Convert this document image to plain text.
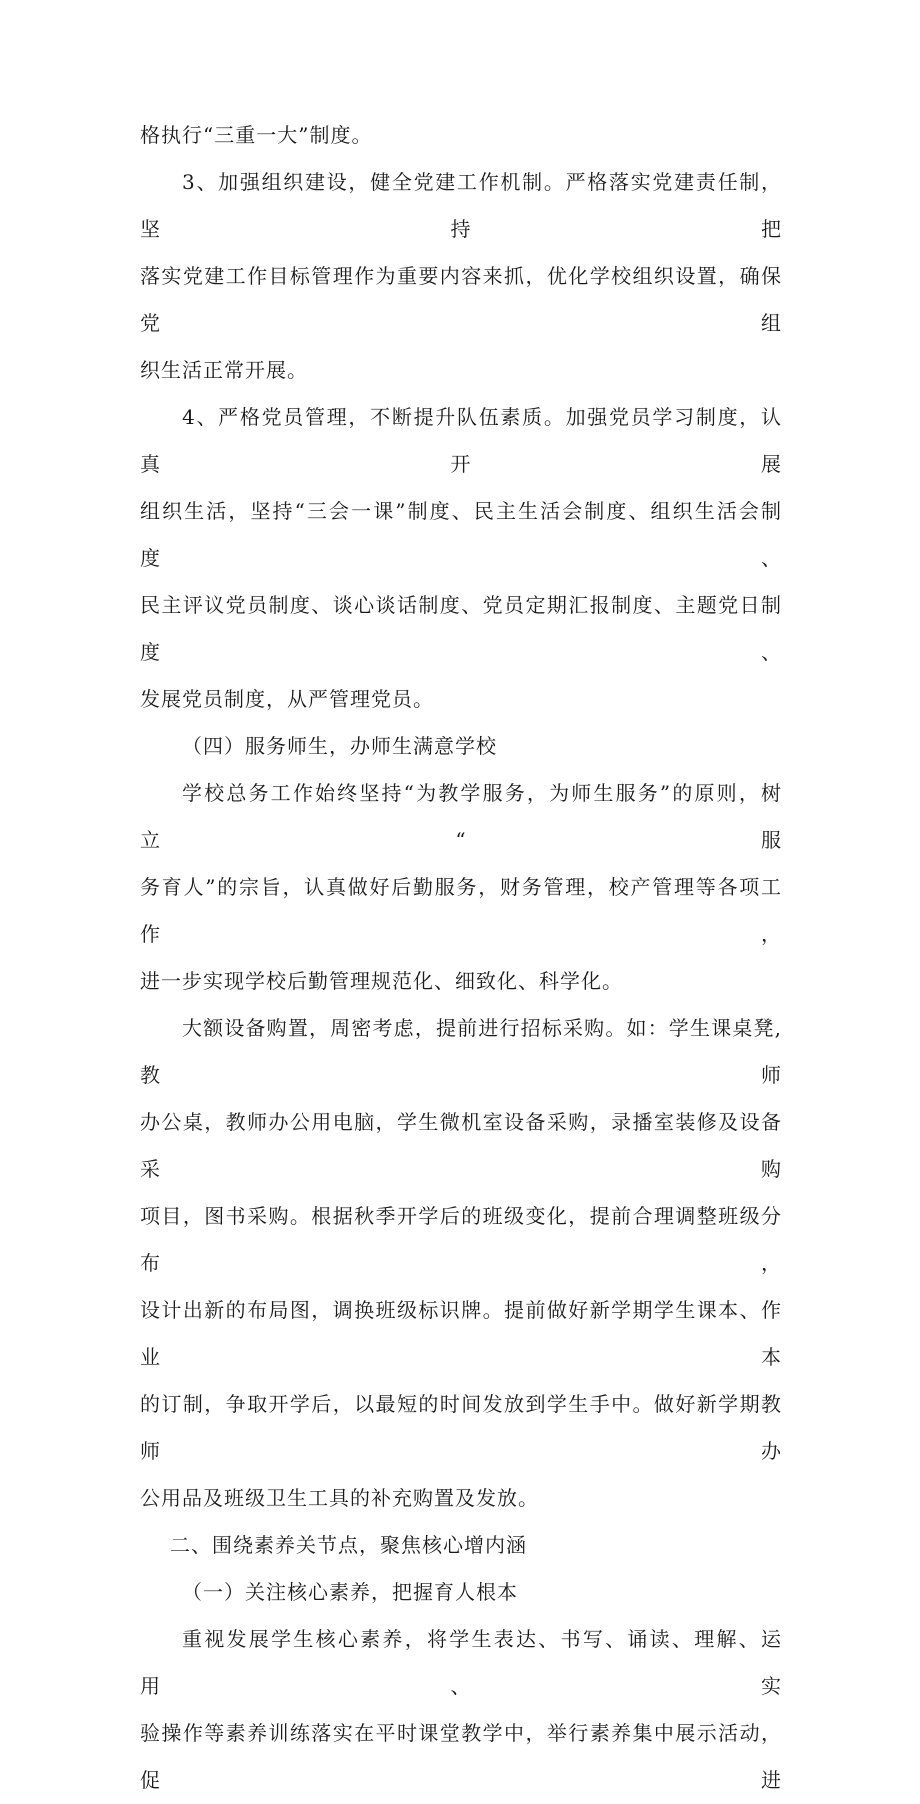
格执行“三重一大”制度。

3、加强组织建设，健全党建工作机制。严格落实党建责任制，坚持把
落实党建工作目标管理作为重要内容来抓，优化学校组织设置，确保党组
织生活正常开展。

4、严格党员管理，不断提升队伍素质。加强党员学习制度，认真开展
组织生活，坚持“三会一课”制度、民主生活会制度、组织生活会制度、
民主评议党员制度、谈心谈话制度、党员定期汇报制度、主题党日制度、
发展党员制度，从严管理党员。

（四）服务师生，办师生满意学校

学校总务工作始终坚持“为教学服务，为师生服务”的原则，树立“服
务育人”的宗旨，认真做好后勤服务，财务管理，校产管理等各项工作，
进一步实现学校后勤管理规范化、细致化、科学化。

大额设备购置，周密考虑，提前进行招标采购。如：学生课桌凳,教师
办公桌，教师办公用电脑，学生微机室设备采购，录播室装修及设备采购
项目，图书采购。根据秋季开学后的班级变化，提前合理调整班级分布，
设计出新的布局图，调换班级标识牌。提前做好新学期学生课本、作业本
的订制，争取开学后，以最短的时间发放到学生手中。做好新学期教师办
公用品及班级卫生工具的补充购置及发放。

二、围绕素养关节点，聚焦核心增内涵

（一）关注核心素养，把握育人根本

重视发展学生核心素养，将学生表达、书写、诵读、理解、运用、实
验操作等素养训练落实在平时课堂教学中，举行素养集中展示活动，促进
